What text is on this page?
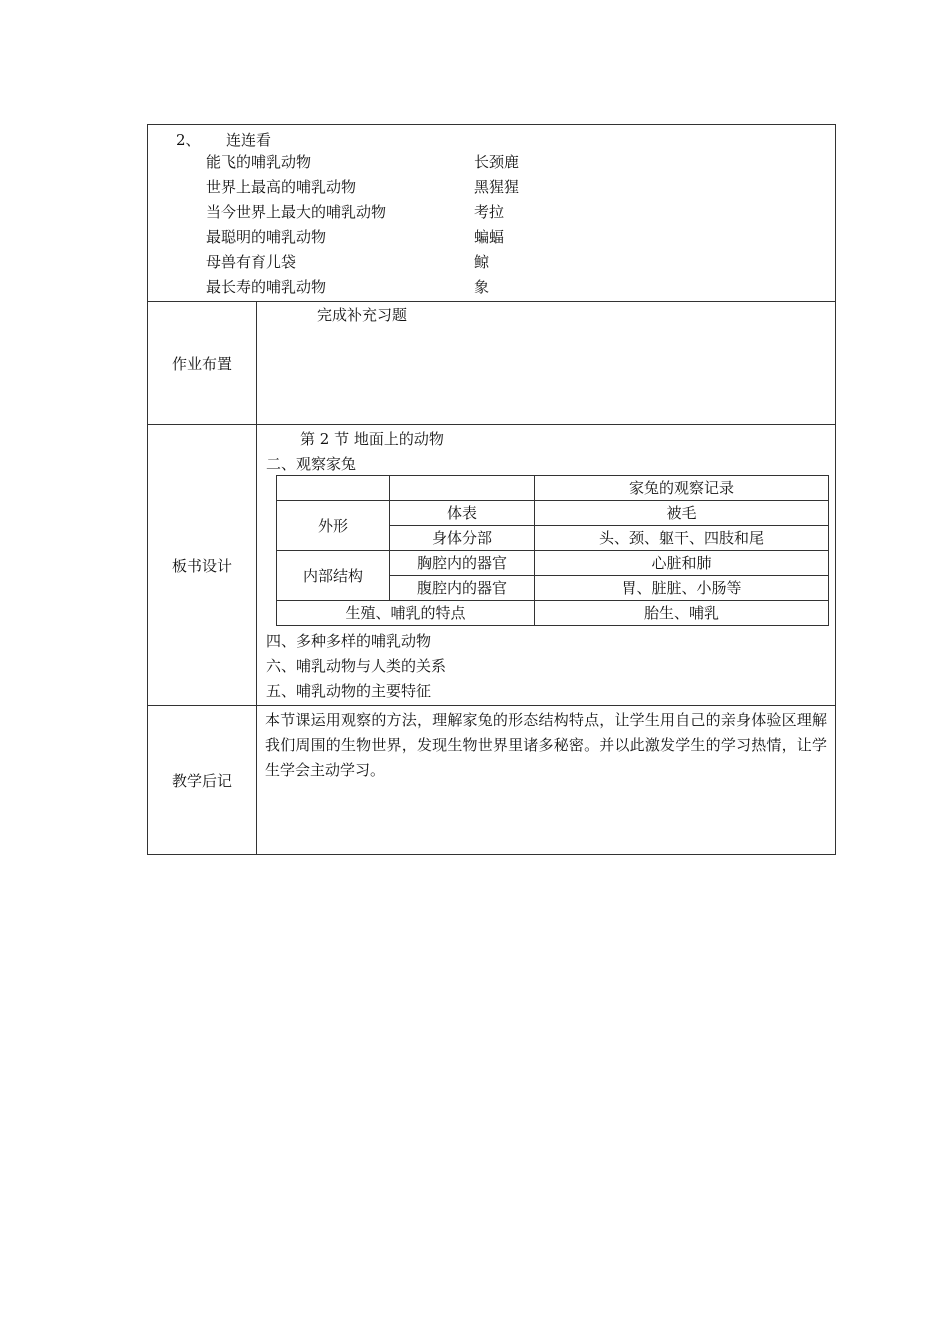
2、 连连看
能飞的哺乳动物	长颈鹿
世界上最高的哺乳动物	黑猩猩
当今世界上最大的哺乳动物	考拉
最聪明的哺乳动物	蝙蝠
母兽有育儿袋	鲸
最长寿的哺乳动物	象
作业布置
完成补充习题
板书设计
第 2 节 地面上的动物
二、观察家兔
		家兔的观察记录
外形	体表	被毛
	身体分部	头、颈、躯干、四肢和尾
内部结构	胸腔内的器官	心脏和肺
	腹腔内的器官	胃、脏脏、小肠等
生殖、哺乳的特点		胎生、哺乳
四、多种多样的哺乳动物
六、哺乳动物与人类的关系
五、哺乳动物的主要特征
教学后记
本节课运用观察的方法，理解家兔的形态结构特点，让学生用自己的亲身体验区理解我们周围的生物世界，发现生物世界里诸多秘密。并以此激发学生的学习热情，让学生学会主动学习。
